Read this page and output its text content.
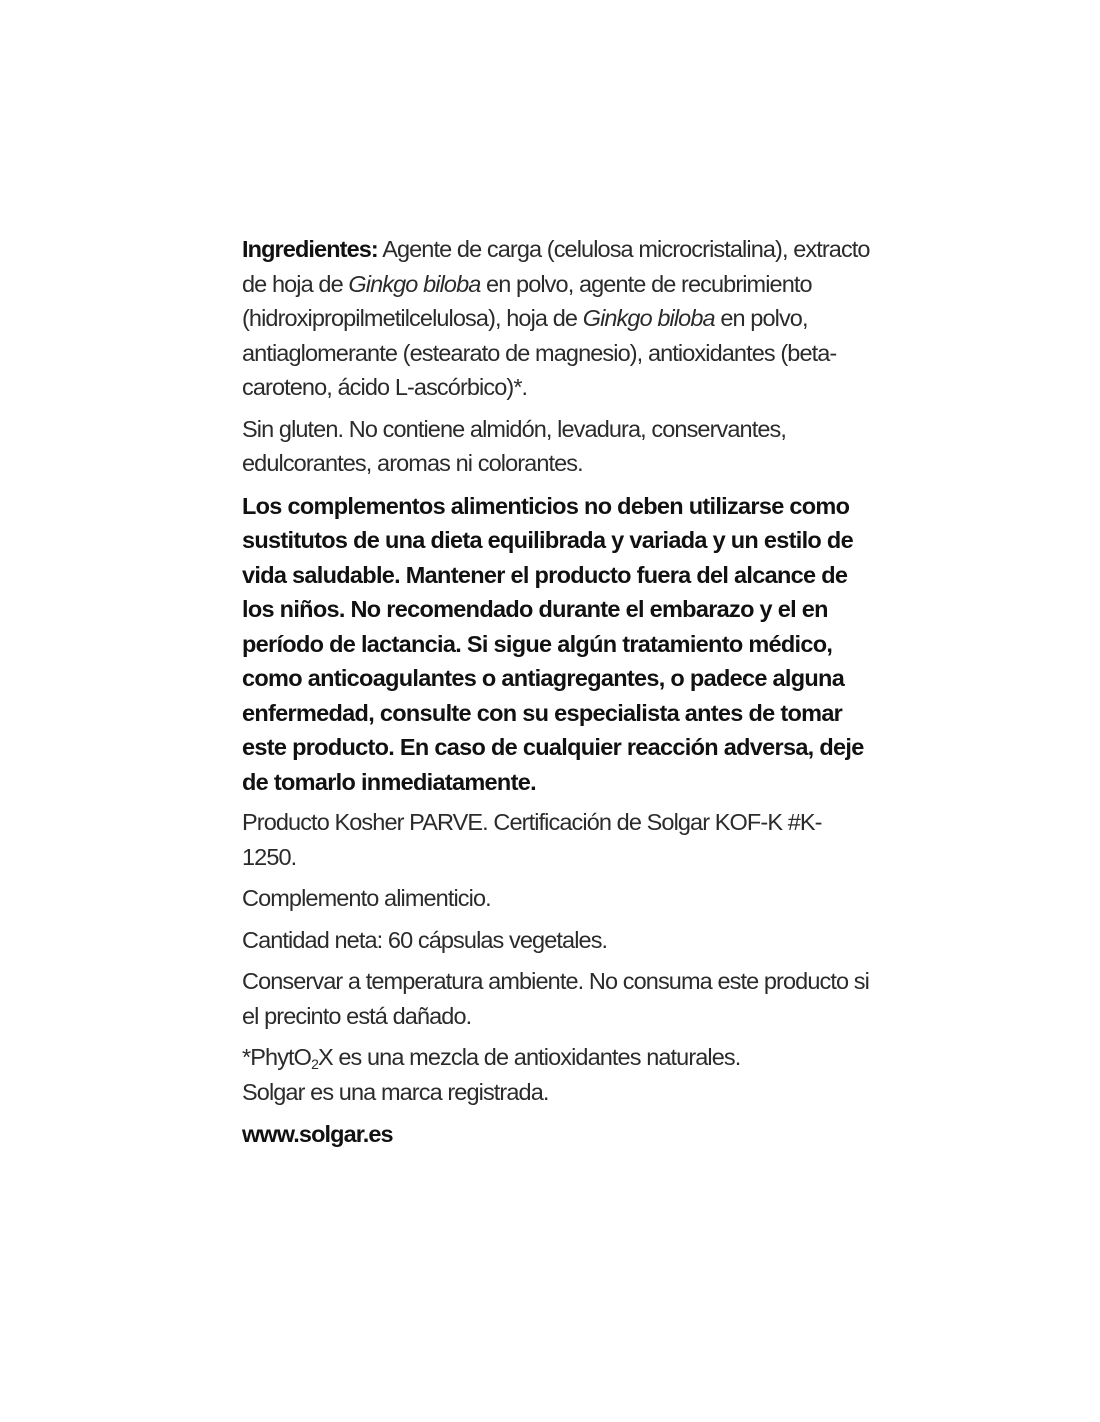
Ingredientes: Agente de carga (celulosa microcristalina), extracto de hoja de Ginkgo biloba en polvo, agente de recubrimiento (hidroxipropilmetilcelulosa), hoja de Ginkgo biloba en polvo, antiaglomerante (estearato de magnesio), antioxidantes (beta-caroteno, ácido L-ascórbico)*.

Sin gluten. No contiene almidón, levadura, conservantes, edulcorantes, aromas ni colorantes.

Los complementos alimenticios no deben utilizarse como sustitutos de una dieta equilibrada y variada y un estilo de vida saludable. Mantener el producto fuera del alcance de los niños. No recomendado durante el embarazo y el en período de lactancia. Si sigue algún tratamiento médico, como anticoagulantes o antiagregantes, o padece alguna enfermedad, consulte con su especialista antes de tomar este producto. En caso de cualquier reacción adversa, deje de tomarlo inmediatamente.

Producto Kosher PARVE. Certificación de Solgar KOF-K #K-1250.

Complemento alimenticio.

Cantidad neta: 60 cápsulas vegetales.

Conservar a temperatura ambiente. No consuma este producto si el precinto está dañado.

*PhytO$_2$X es una mezcla de antioxidantes naturales.

Solgar es una marca registrada.

www.solgar.es
